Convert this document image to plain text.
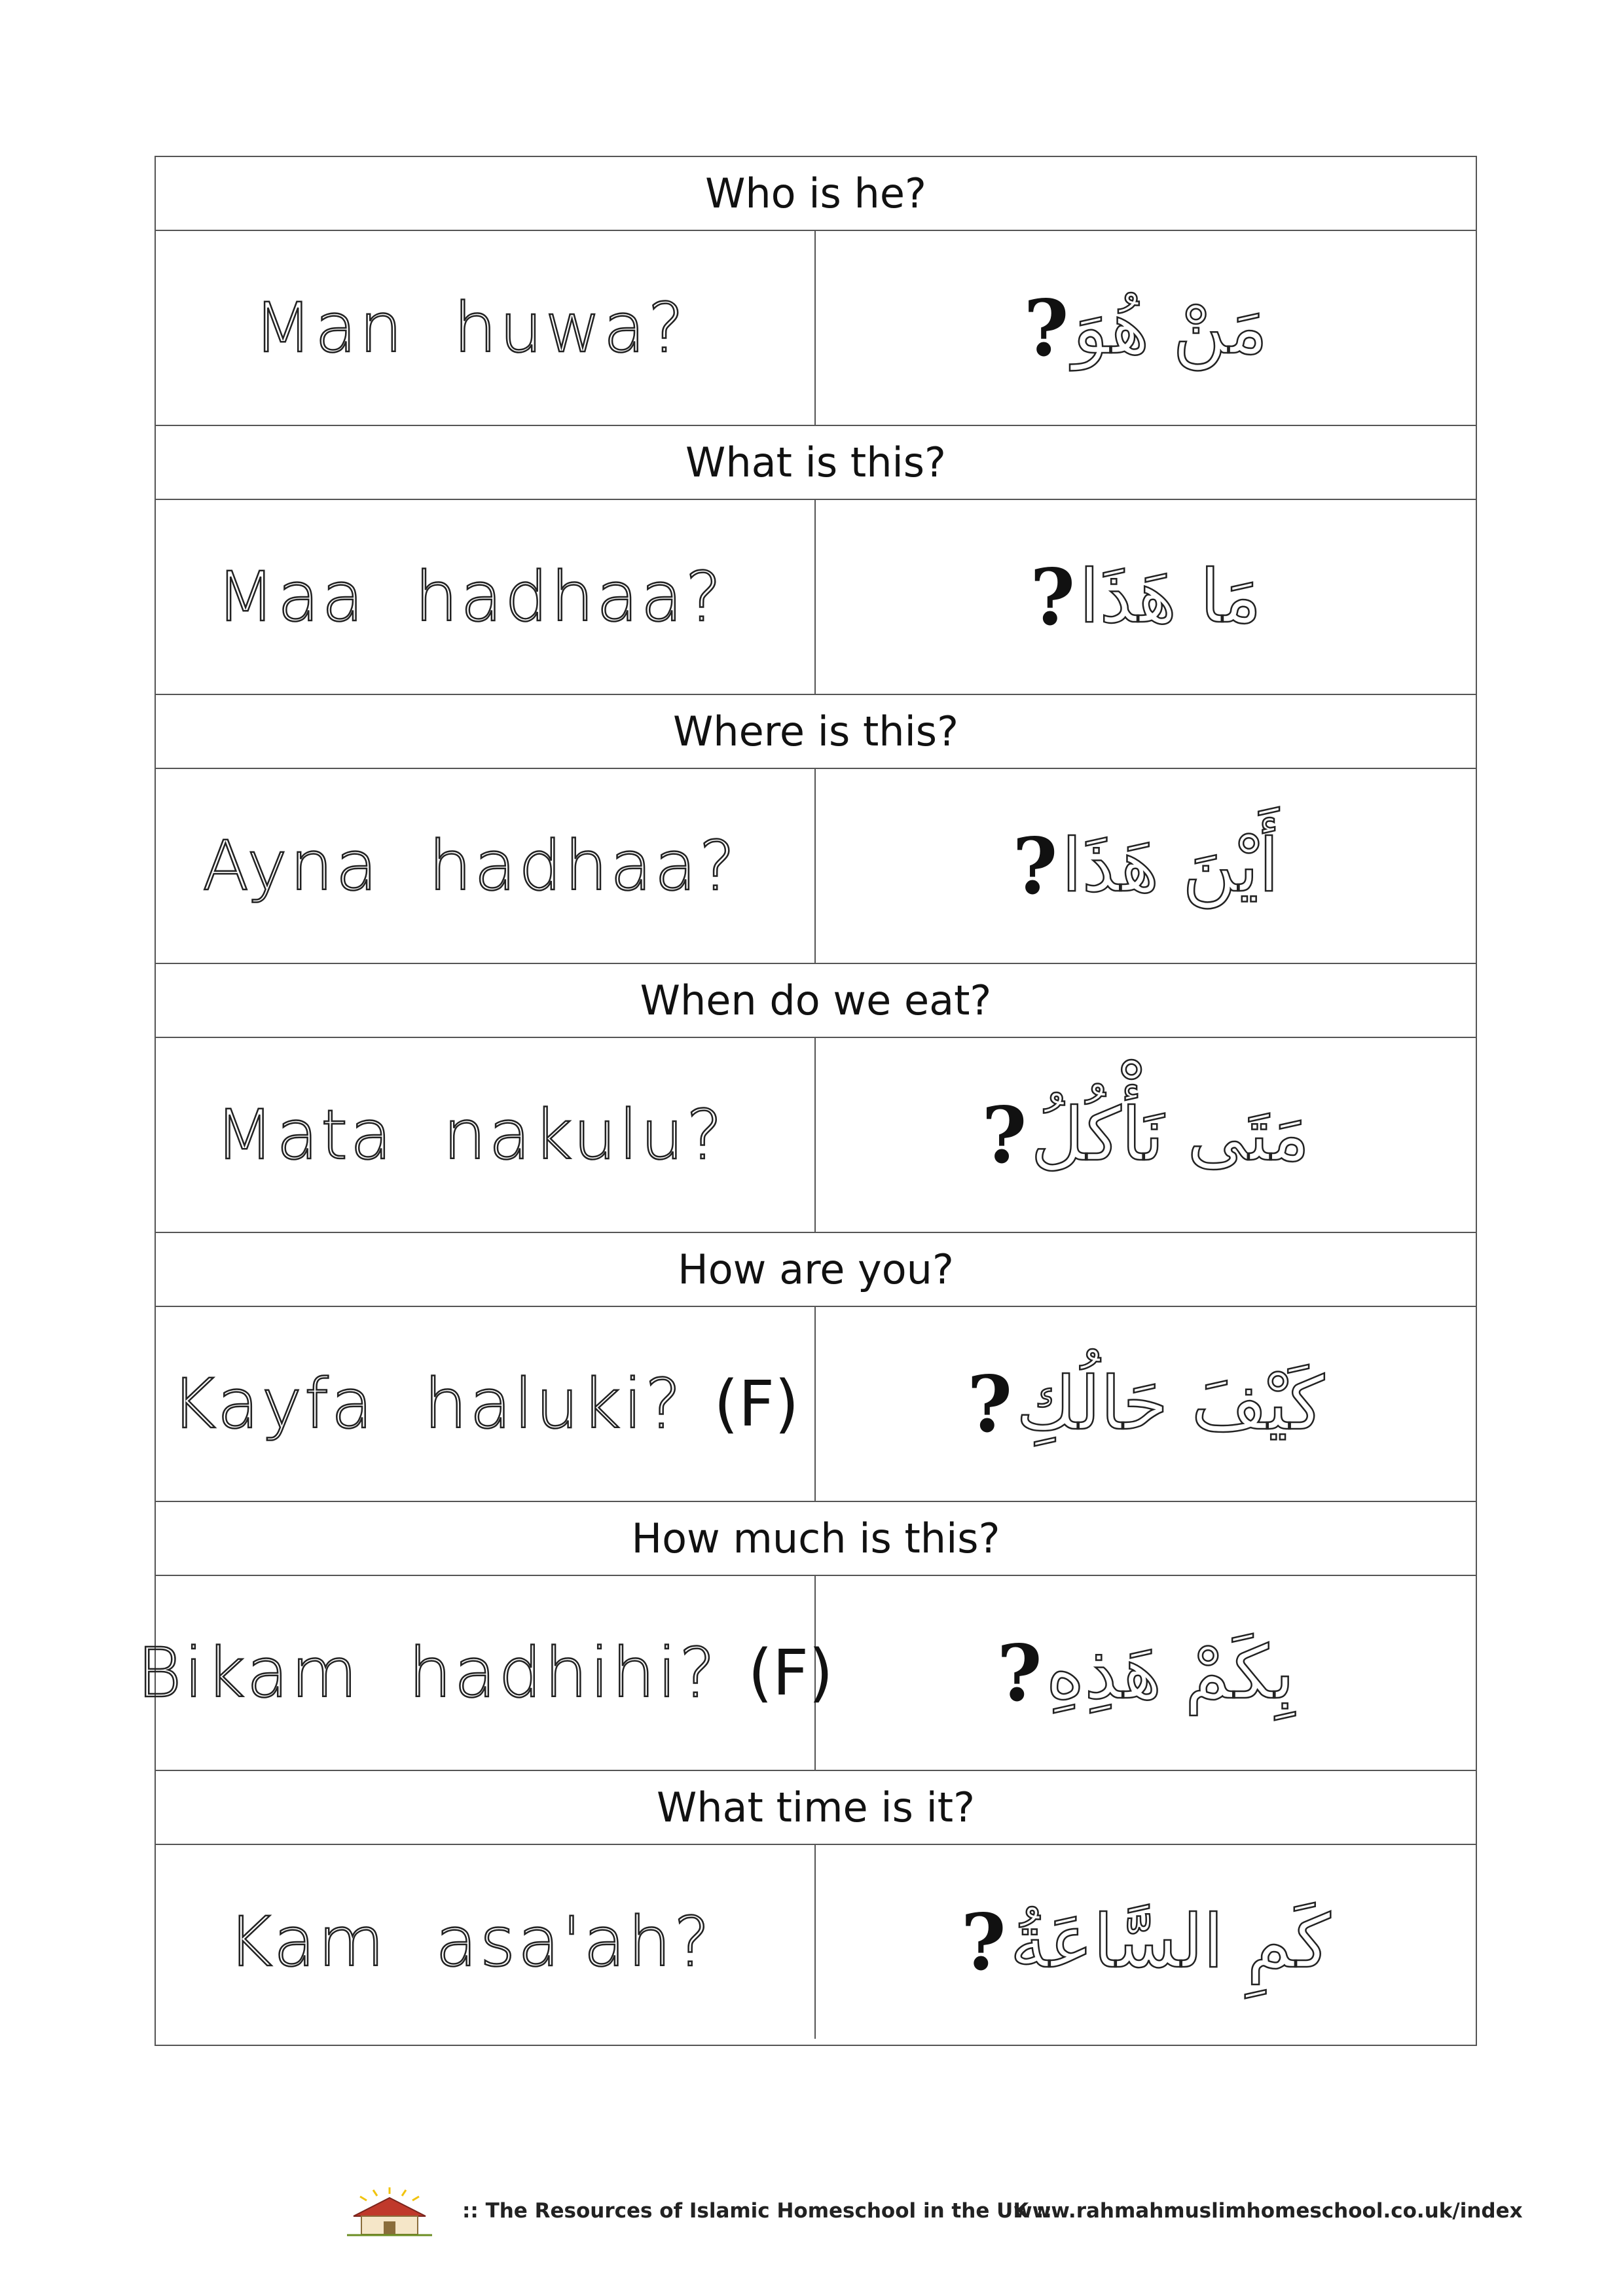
Who is he?
Man  huwa?	? مَنْ هُوَ
What is this?
Maa  hadhaa?	? مَا هَذَا
Where is this?
Ayna  hadhaa?	? أَيْنَ هَذَا
When do we eat?
Mata  nakulu?	? مَتَى نَأْكُلُ
How are you?
Kayfa  haluki? (F) ? كَيْفَ حَالُكِ
How much is this?
Bikam  hadhihi? (F) ? بِكَمْ هَذِهِ
What time is it?
Kam  asa'ah?	? كَمِ السَّاعَةُ
:: The Resources of Islamic Homeschool in the UK ::
www.rahmahmuslimhomeschool.co.uk/index
